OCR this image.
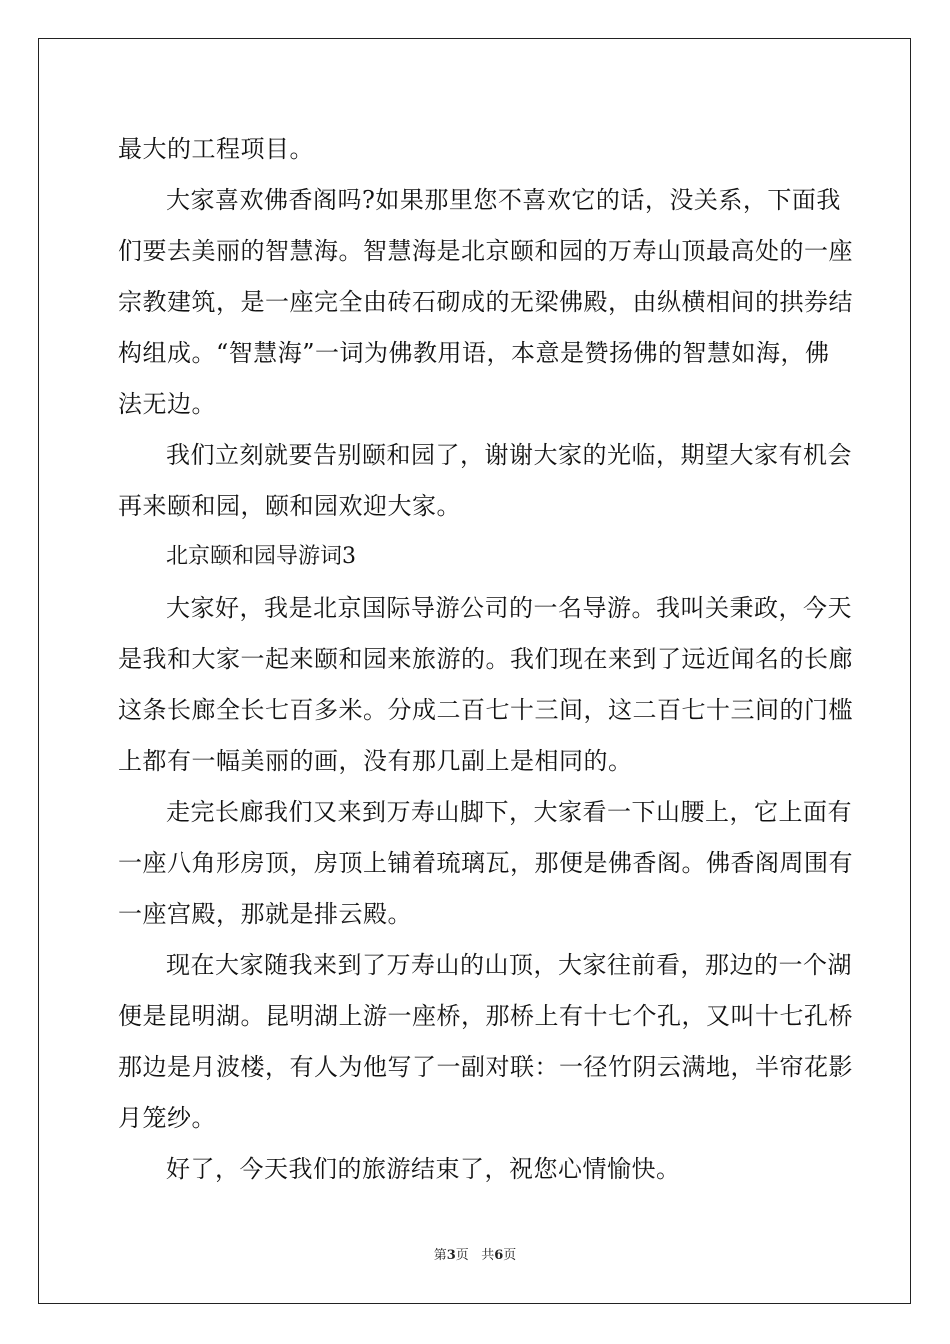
最大的工程项目。
大家喜欢佛香阁吗?如果那里您不喜欢它的话，没关系，下面我
们要去美丽的智慧海。智慧海是北京颐和园的万寿山顶最高处的一座
宗教建筑，是一座完全由砖石砌成的无梁佛殿，由纵横相间的拱券结
构组成。“智慧海”一词为佛教用语，本意是赞扬佛的智慧如海，佛
法无边。
我们立刻就要告别颐和园了，谢谢大家的光临，期望大家有机会
再来颐和园，颐和园欢迎大家。
北京颐和园导游词3
大家好，我是北京国际导游公司的一名导游。我叫关秉政，今天
是我和大家一起来颐和园来旅游的。我们现在来到了远近闻名的长廊
这条长廊全长七百多米。分成二百七十三间，这二百七十三间的门槛
上都有一幅美丽的画，没有那几副上是相同的。
走完长廊我们又来到万寿山脚下，大家看一下山腰上，它上面有
一座八角形房顶，房顶上铺着琉璃瓦，那便是佛香阁。佛香阁周围有
一座宫殿，那就是排云殿。
现在大家随我来到了万寿山的山顶，大家往前看，那边的一个湖
便是昆明湖。昆明湖上游一座桥，那桥上有十七个孔，又叫十七孔桥
那边是月波楼，有人为他写了一副对联：一径竹阴云满地，半帘花影
月笼纱。
好了，今天我们的旅游结束了，祝您心情愉快。
第3页 共6页
